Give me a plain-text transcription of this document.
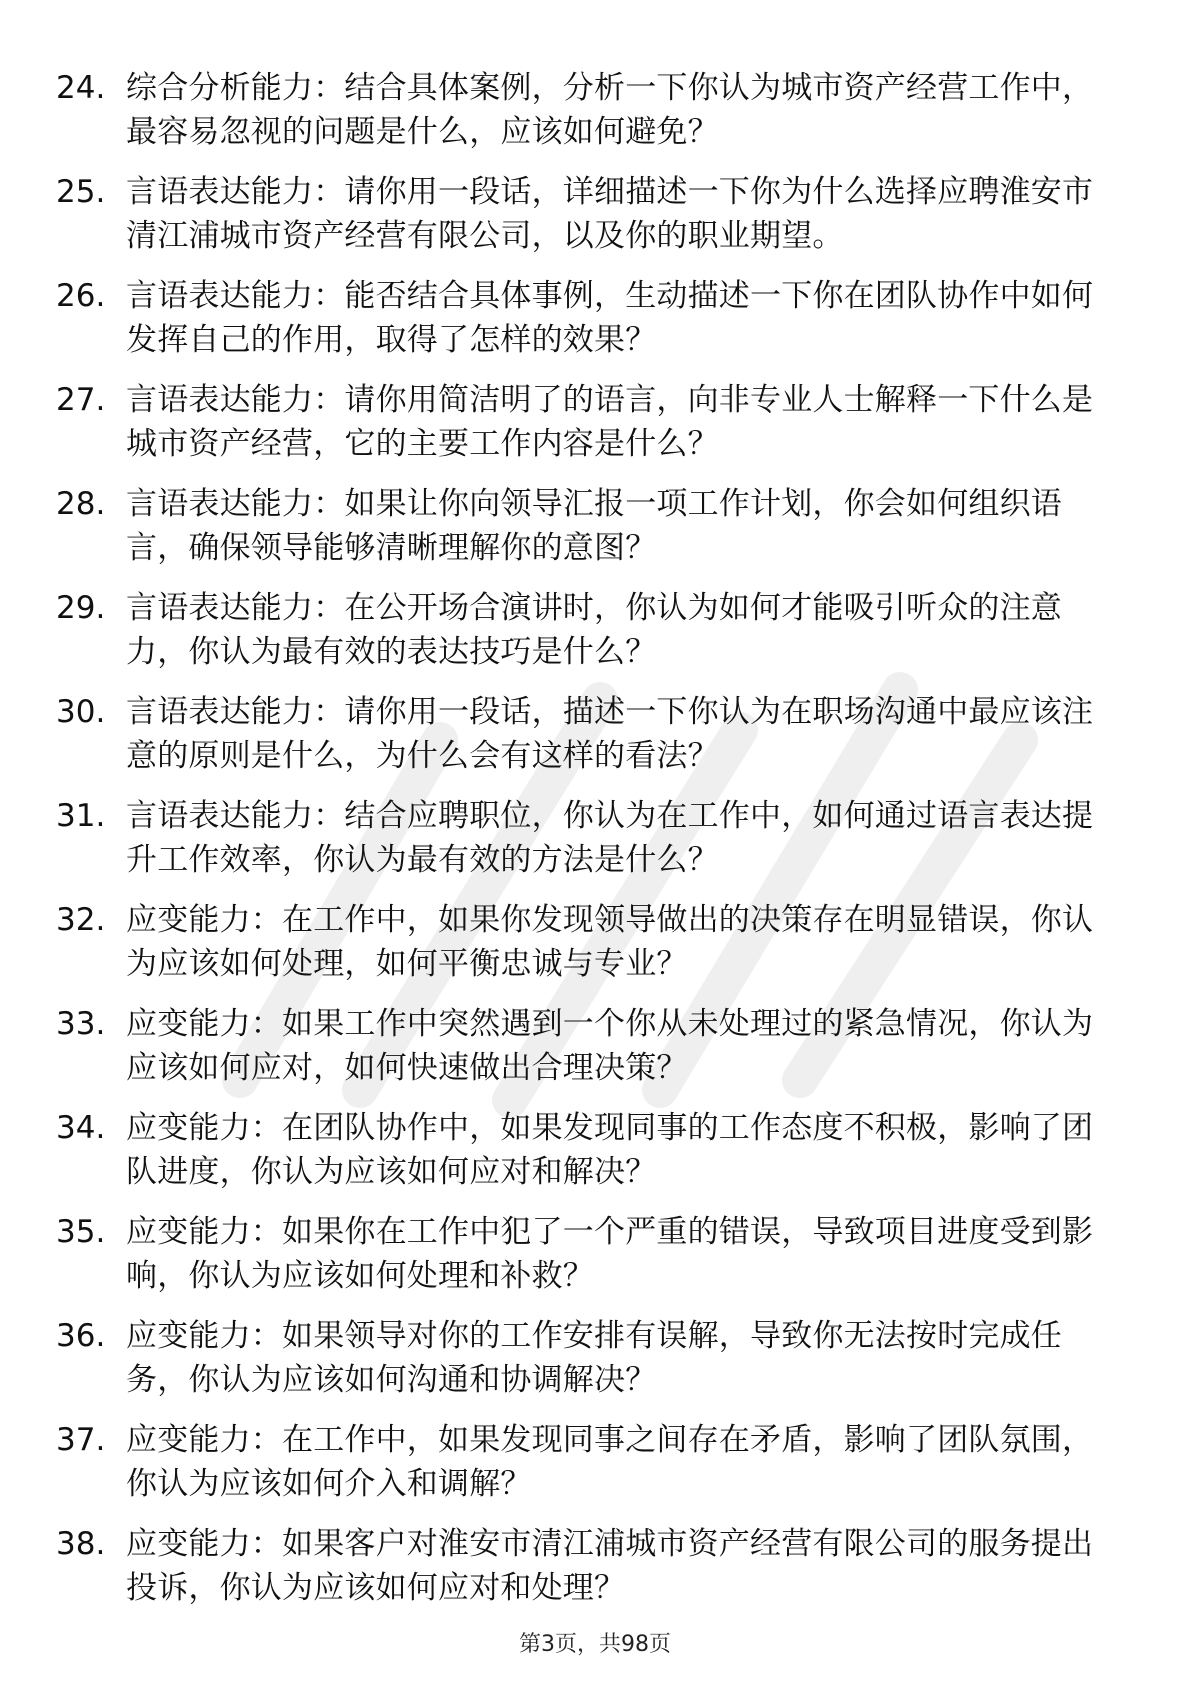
24. 综合分析能力：结合具体案例，分析一下你认为城市资产经营工作中，最容易忽视的问题是什么，应该如何避免？
25. 言语表达能力：请你用一段话，详细描述一下你为什么选择应聘淮安市清江浦城市资产经营有限公司，以及你的职业期望。
26. 言语表达能力：能否结合具体事例，生动描述一下你在团队协作中如何发挥自己的作用，取得了怎样的效果？
27. 言语表达能力：请你用简洁明了的语言，向非专业人士解释一下什么是城市资产经营，它的主要工作内容是什么？
28. 言语表达能力：如果让你向领导汇报一项工作计划，你会如何组织语言，确保领导能够清晰理解你的意图？
29. 言语表达能力：在公开场合演讲时，你认为如何才能吸引听众的注意力，你认为最有效的表达技巧是什么？
30. 言语表达能力：请你用一段话，描述一下你认为在职场沟通中最应该注意的原则是什么，为什么会有这样的看法？
31. 言语表达能力：结合应聘职位，你认为在工作中，如何通过语言表达提升工作效率，你认为最有效的方法是什么？
32. 应变能力：在工作中，如果你发现领导做出的决策存在明显错误，你认为应该如何处理，如何平衡忠诚与专业？
33. 应变能力：如果工作中突然遇到一个你从未处理过的紧急情况，你认为应该如何应对，如何快速做出合理决策？
34. 应变能力：在团队协作中，如果发现同事的工作态度不积极，影响了团队进度，你认为应该如何应对和解决？
35. 应变能力：如果你在工作中犯了一个严重的错误，导致项目进度受到影响，你认为应该如何处理和补救？
36. 应变能力：如果领导对你的工作安排有误解，导致你无法按时完成任务，你认为应该如何沟通和协调解决？
37. 应变能力：在工作中，如果发现同事之间存在矛盾，影响了团队氛围，你认为应该如何介入和调解？
38. 应变能力：如果客户对淮安市清江浦城市资产经营有限公司的服务提出投诉，你认为应该如何应对和处理？
第3页，共98页
